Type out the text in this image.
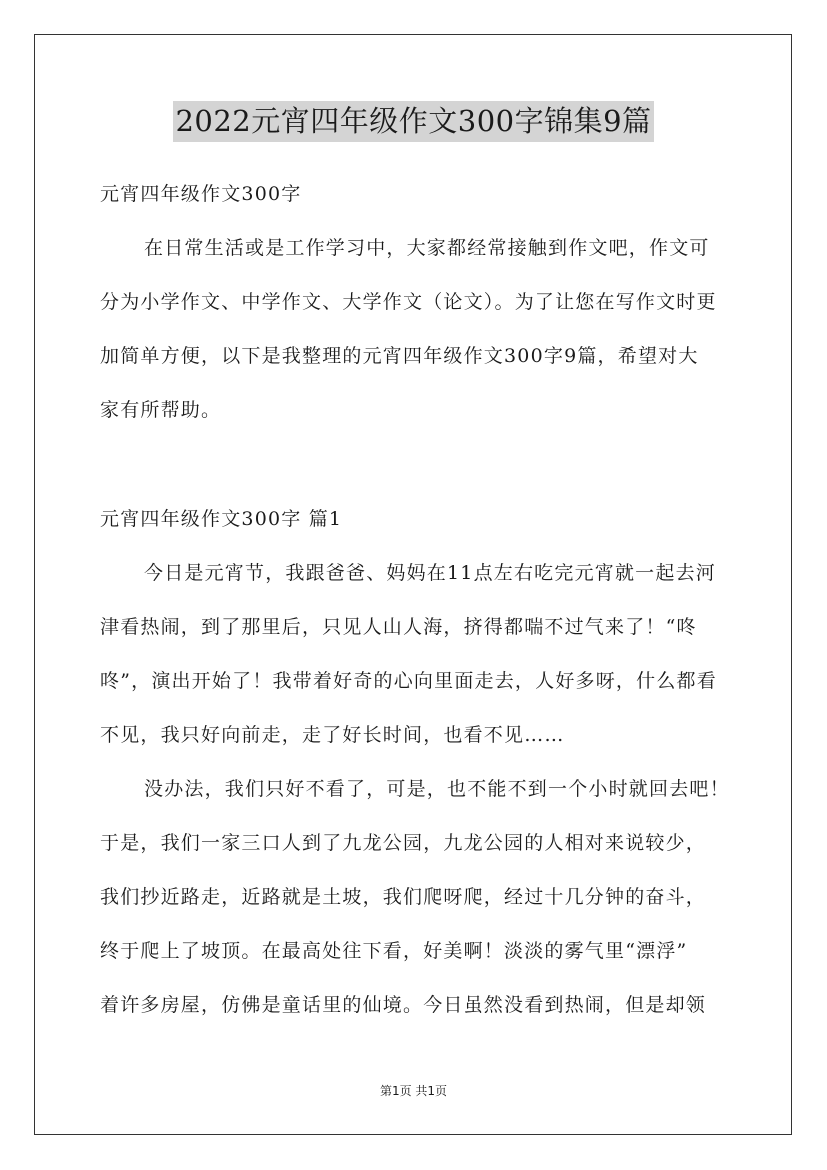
2022元宵四年级作文300字锦集9篇
元宵四年级作文300字
在日常生活或是工作学习中，大家都经常接触到作文吧，作文可
分为小学作文、中学作文、大学作文（论文）。为了让您在写作文时更
加简单方便，以下是我整理的元宵四年级作文300字9篇，希望对大
家有所帮助。
元宵四年级作文300字 篇1
今日是元宵节，我跟爸爸、妈妈在11点左右吃完元宵就一起去河
津看热闹，到了那里后，只见人山人海，挤得都喘不过气来了！“咚
咚”，演出开始了！我带着好奇的心向里面走去，人好多呀，什么都看
不见，我只好向前走，走了好长时间，也看不见……
没办法，我们只好不看了，可是，也不能不到一个小时就回去吧！
于是，我们一家三口人到了九龙公园，九龙公园的人相对来说较少，
我们抄近路走，近路就是土坡，我们爬呀爬，经过十几分钟的奋斗，
终于爬上了坡顶。在最高处往下看，好美啊！淡淡的雾气里“漂浮”
着许多房屋，仿佛是童话里的仙境。今日虽然没看到热闹，但是却领
第1页 共1页
